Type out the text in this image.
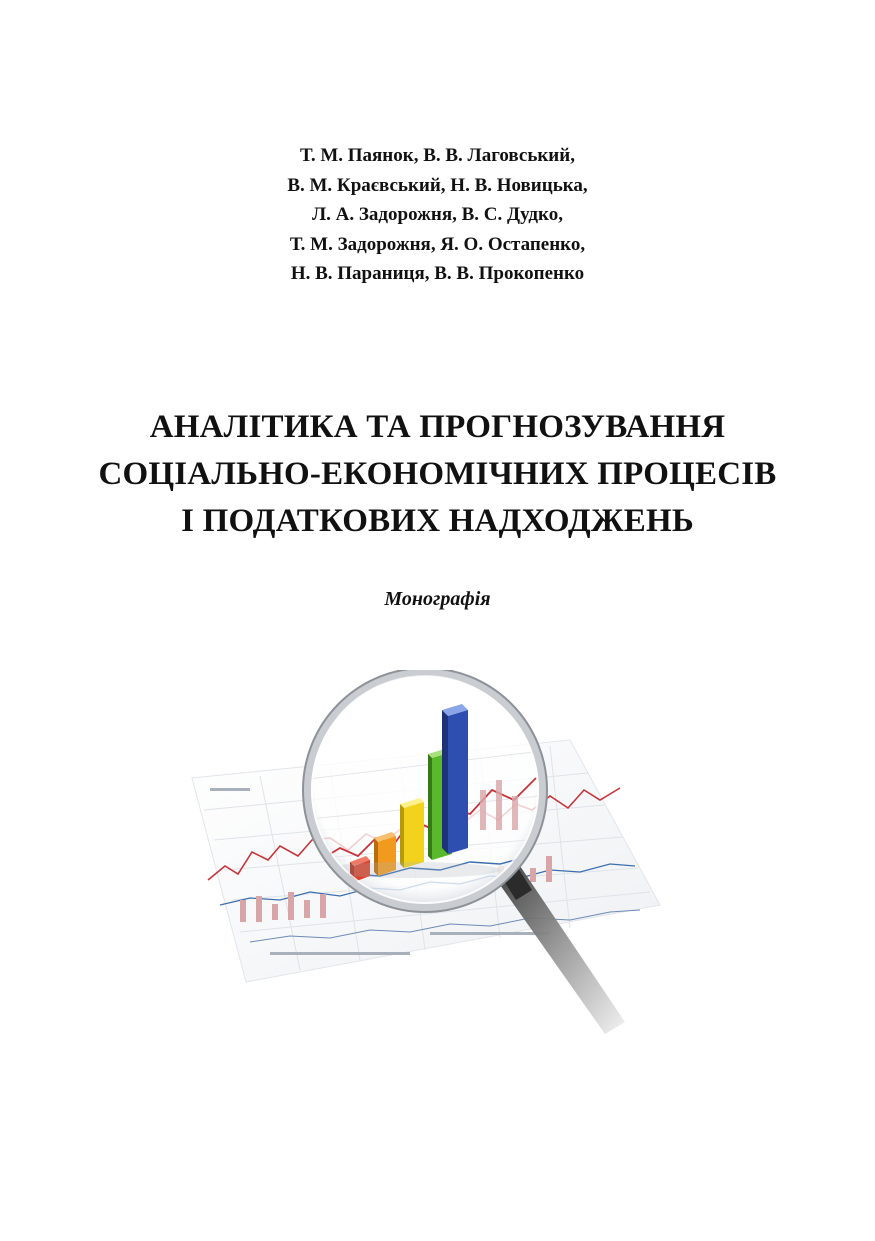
Т. М. Паянок, В. В. Лаговський,
В. М. Краєвський, Н. В. Новицька,
Л. А. Задорожня, В. С. Дудко,
Т. М. Задорожня, Я. О. Остапенко,
Н. В. Параниця, В. В. Прокопенко
АНАЛІТИКА ТА ПРОГНОЗУВАННЯ
СОЦІАЛЬНО-ЕКОНОМІЧНИХ ПРОЦЕСІВ
І ПОДАТКОВИХ НАДХОДЖЕНЬ
Монографія
